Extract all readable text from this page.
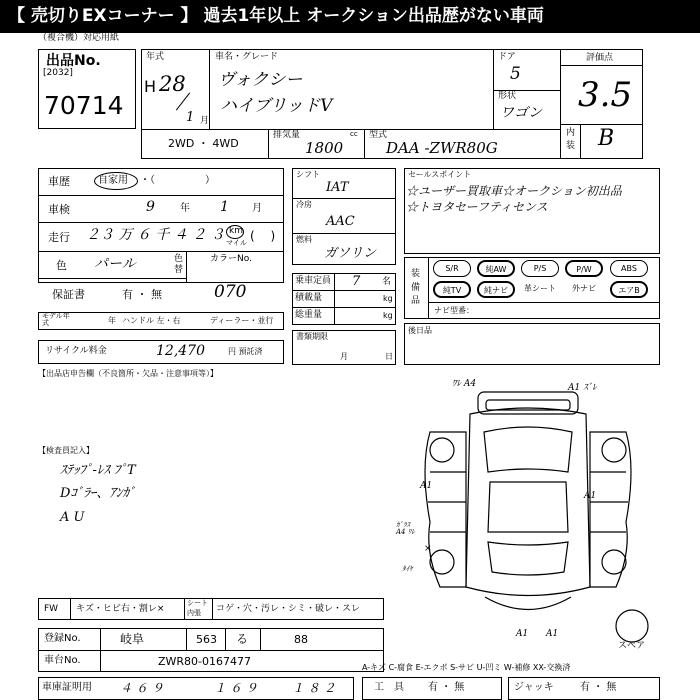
【 売切りEXコーナー 】 過去1年以上 オークション出品歴がない車両
（複合機）対応用紙
出品No.
[2032]
70714
年式
H 28
1 月
車名・グレード
ヴォクシー
ハイブリッドV
ドア
5
形状
ワゴン
評価点
3.5
内装 B
2WD ・ 4WD
排気量	cc
1800
型式
DAA -ZWR80G
車歴	自家用 ・（　　　　　）
車検	9	年 1 月
走行 ２３ 万 ６ 千 ４ ２ ３ km
マイル (　 )
色 パール	色替
カラーNo.
保証書	有 ・ 無	070
モデル年式	年 ハンドル 左・右	ディーラー・並行
リサイクル料金	12,470	円 預託済
シフト
IAT
冷房
AAC
燃料
ガソリン
乗車定員 7 名
積載量	kg
総重量	kg
書類期限
月	日
セールスポイント
☆ユーザー買取車☆オークション初出品
☆トヨタセーフティセンス
装備品
S/R	純AW	P/S	P/W	ABS
純TV	純ナビ	革シート	外ナビ	エアB
ナビ型番：
後日品
【出品店申告欄（不良箇所・欠品・注意事項等）】
【検査員記入】
ｽﾃｯﾌﾟ-ﾚｽ ﾌﾟT
Dｺﾞﾗｰ、ｱﾝｶﾞ
A U
ﾜﾚ A4	A1 ｽﾞﾚ
A1
A1
ｶﾞﾗｽ A4 ﾜﾚ
×
ﾀｲﾔ
A1 A1
スペア
FW キズ・ヒビ右・割レ×
シート
内張 コゲ・穴・汚レ・シミ・破レ・スレ
登録No.	岐阜	563 る	88
車台No.	ZWR80-0167477	A-キズ C-腐食 E-エクボ S-サビ U-凹ミ W-補修 XX-交換済
車庫証明用 ４ ６ ９	１ ６ ９	１ ８ ２	工　具 有 ・ 無	ジャッキ	有 ・ 無
